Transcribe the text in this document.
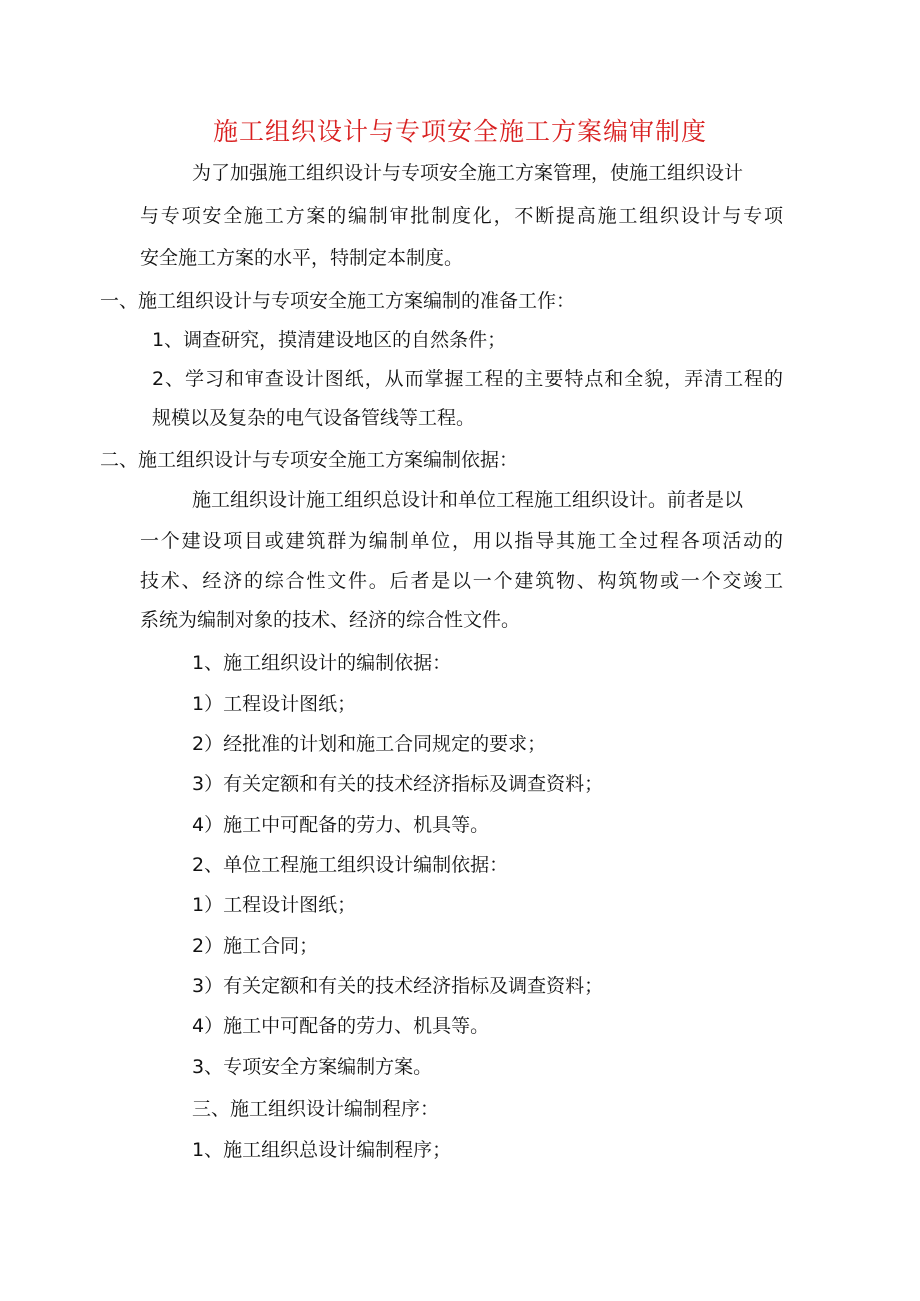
施工组织设计与专项安全施工方案编审制度

为了加强施工组织设计与专项安全施工方案管理，使施工组织设计

与专项安全施工方案的编制审批制度化，不断提高施工组织设计与专项

安全施工方案的水平，特制定本制度。

一、施工组织设计与专项安全施工方案编制的准备工作：

1、调查研究，摸清建设地区的自然条件；

2、学习和审查设计图纸，从而掌握工程的主要特点和全貌，弄清工程的

规模以及复杂的电气设备管线等工程。

二、施工组织设计与专项安全施工方案编制依据：

施工组织设计施工组织总设计和单位工程施工组织设计。前者是以

一个建设项目或建筑群为编制单位，用以指导其施工全过程各项活动的

技术、经济的综合性文件。后者是以一个建筑物、构筑物或一个交竣工

系统为编制对象的技术、经济的综合性文件。

1、施工组织设计的编制依据：

1）工程设计图纸；

2）经批准的计划和施工合同规定的要求；

3）有关定额和有关的技术经济指标及调查资料；

4）施工中可配备的劳力、机具等。

2、单位工程施工组织设计编制依据：

1）工程设计图纸；

2）施工合同；

3）有关定额和有关的技术经济指标及调查资料；

4）施工中可配备的劳力、机具等。

3、专项安全方案编制方案。

三、施工组织设计编制程序：

1、施工组织总设计编制程序；
